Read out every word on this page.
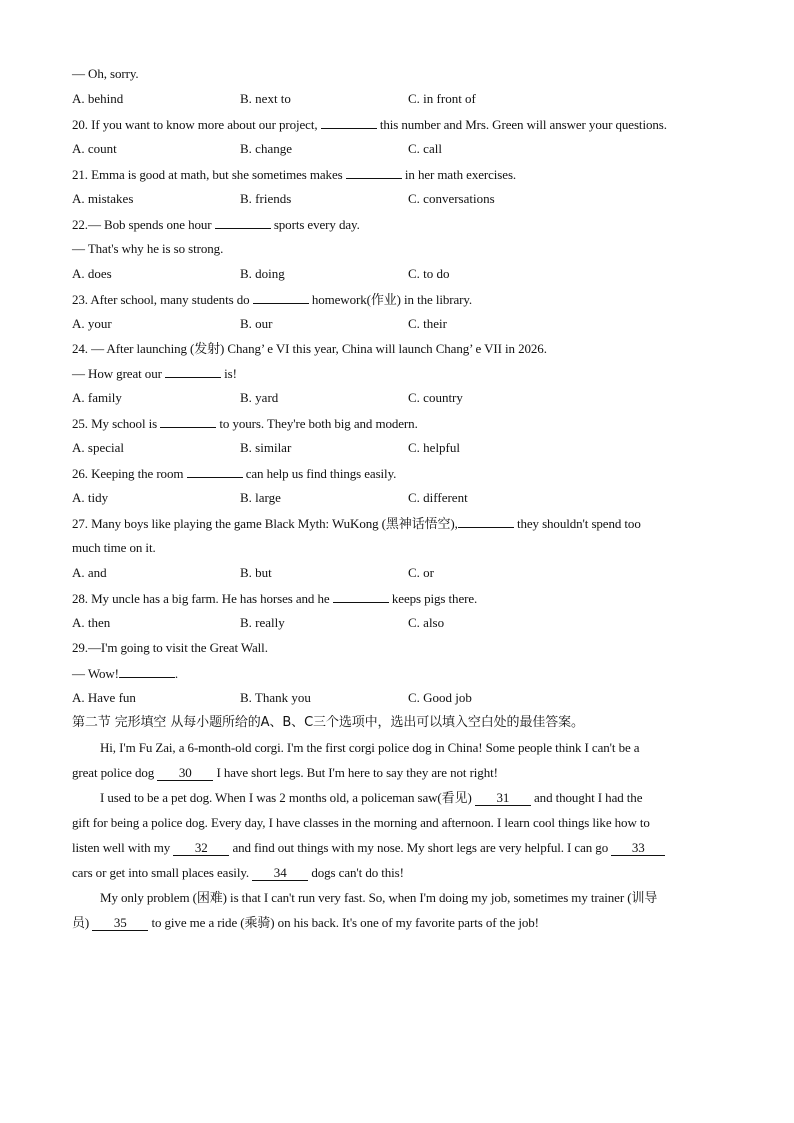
— Oh, sorry.
A. behind	B. next to	C. in front of
20. If you want to know more about our project,	this number and Mrs. Green will answer your questions.
A. count	B. change	C. call
21. Emma is good at math, but she sometimes makes	in her math exercises.
A. mistakes	B. friends	C. conversations
22.— Bob spends one hour	sports every day.
— That's why he is so strong.
A. does	B. doing	C. to do
23. After school, many students do	homework(作业) in the library.
A. your	B. our	C. their
24. — After launching (发射) Chang’ e VI this year, China will launch Chang’ e VII in 2026.
— How great our	is!
A. family	B. yard	C. country
25. My school is	to yours. They're both big and modern.
A. special	B. similar	C. helpful
26. Keeping the room	can help us find things easily.
A. tidy	B. large	C. different
27. Many boys like playing the game Black Myth: WuKong (黑神话悟空),	they shouldn't spend too
much time on it.
A. and	B. but	C. or
28. My uncle has a big farm. He has horses and he	keeps pigs there.
A. then	B. really	C. also
29.—I'm going to visit the Great Wall.
— Wow!	.
A. Have fun	B. Thank you	C. Good job
第二节 完形填空 从每小题所给的A、B、C三个选项中，选出可以填入空白处的最佳答案。
Hi, I'm Fu Zai, a 6-month-old corgi. I'm the first corgi police dog in China! Some people think I can't be a
great police dog 30 I have short legs. But I'm here to say they are not right!
I used to be a pet dog. When I was 2 months old, a policeman saw(看见) 31 and thought I had the
gift for being a police dog. Every day, I have classes in the morning and afternoon. I learn cool things like how to
listen well with my 32 and find out things with my nose. My short legs are very helpful. I can go 33
cars or get into small places easily. 34 dogs can't do this!
My only problem (困难) is that I can't run very fast. So, when I'm doing my job, sometimes my trainer (训导
员) 35 to give me a ride (乘骑) on his back. It's one of my favorite parts of the job!
